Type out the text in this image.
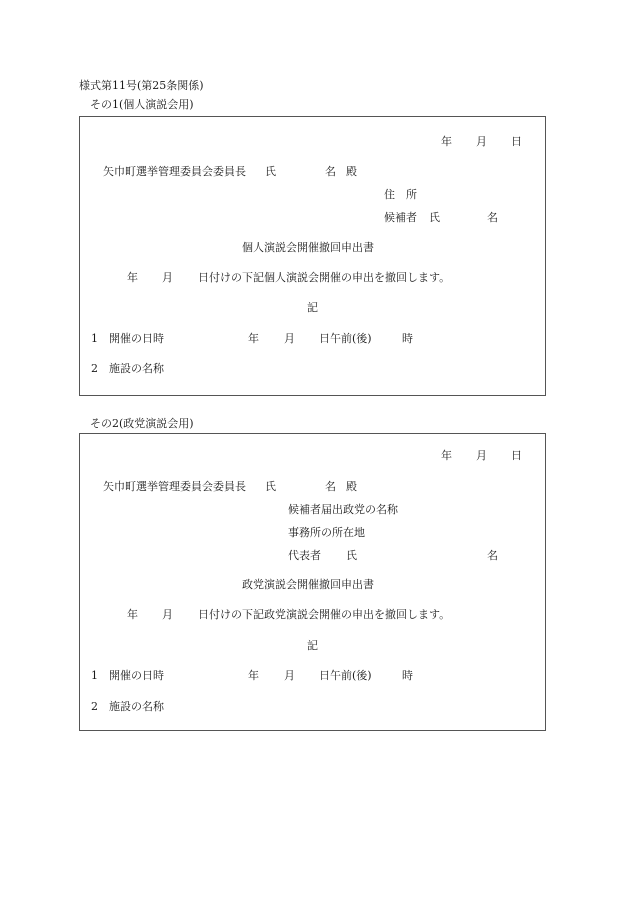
様式第11号(第25条関係)
その1(個人演説会用)
年 月 日
矢巾町選挙管理委員会委員長 氏	名 殿
住　所
候補者 氏	名
個人演説会開催撤回申出書
年 月 日付けの下記個人演説会開催の申出を撤回します。
記
1 開催の日時	年 月 日午前(後)	時
2 施設の名称
その2(政党演説会用)
年 月 日
矢巾町選挙管理委員会委員長 氏	名 殿
候補者届出政党の名称
事務所の所在地
代表者 氏	名
政党演説会開催撤回申出書
年 月 日付けの下記政党演説会開催の申出を撤回します。
記
1 開催の日時	年 月 日午前(後)	時
2 施設の名称
